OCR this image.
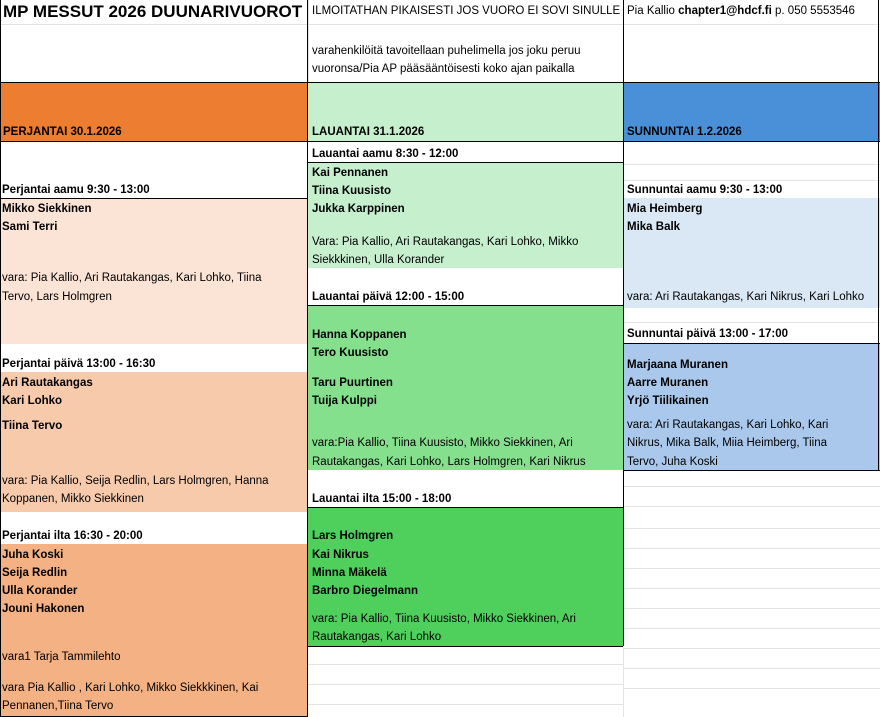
MP MESSUT 2026 DUUNARIVUOROT ILMOITATHAN PIKAISESTI JOS VUORO EI SOVI SINULLE Pia Kallio chapter1@hdcf.fi p. 050 5553546
varahenkilöitä tavoitellaan puhelimella jos joku peruu
vuoronsa/Pia AP pääsääntöisesti koko ajan paikalla
PERJANTAI 30.1.2026
Perjantai aamu 9:30 - 13:00
Mikko Siekkinen
Sami Terri
vara: Pia Kallio, Ari Rautakangas, Kari Lohko, Tiina
Tervo, Lars Holmgren
Perjantai päivä 13:00 - 16:30
Ari Rautakangas
Kari Lohko
Tiina Tervo
vara: Pia Kallio, Seija Redlin, Lars Holmgren, Hanna
Koppanen, Mikko Siekkinen
Perjantai ilta 16:30 - 20:00
Juha Koski
Seija Redlin
Ulla Korander
Jouni Hakonen
vara1 Tarja Tammilehto
vara Pia Kallio , Kari Lohko, Mikko Siekkkinen, Kai
Pennanen,Tiina Tervo
LAUANTAI 31.1.2026
Lauantai aamu 8:30 - 12:00
Kai Pennanen
Tiina Kuusisto
Jukka Karppinen
Vara: Pia Kallio, Ari Rautakangas, Kari Lohko, Mikko
Siekkkinen, Ulla Korander
Lauantai päivä 12:00 - 15:00
Hanna Koppanen
Tero Kuusisto
Taru Puurtinen
Tuija Kulppi
vara:Pia Kallio, Tiina Kuusisto, Mikko Siekkinen, Ari
Rautakangas, Kari Lohko, Lars Holmgren, Kari Nikrus
Lauantai ilta 15:00 - 18:00
Lars Holmgren
Kai Nikrus
Minna Mäkelä
Barbro Diegelmann
vara: Pia Kallio, Tiina Kuusisto, Mikko Siekkinen, Ari
Rautakangas, Kari Lohko
SUNNUNTAI 1.2.2026
Sunnuntai aamu 9:30 - 13:00
Mia Heimberg
Mika Balk
vara: Ari Rautakangas, Kari Nikrus, Kari Lohko
Sunnuntai päivä 13:00 - 17:00
Marjaana Muranen
Aarre Muranen
Yrjö Tiilikainen
vara: Ari Rautakangas, Kari Lohko, Kari
Nikrus, Mika Balk, Miia Heimberg, Tiina
Tervo, Juha Koski
